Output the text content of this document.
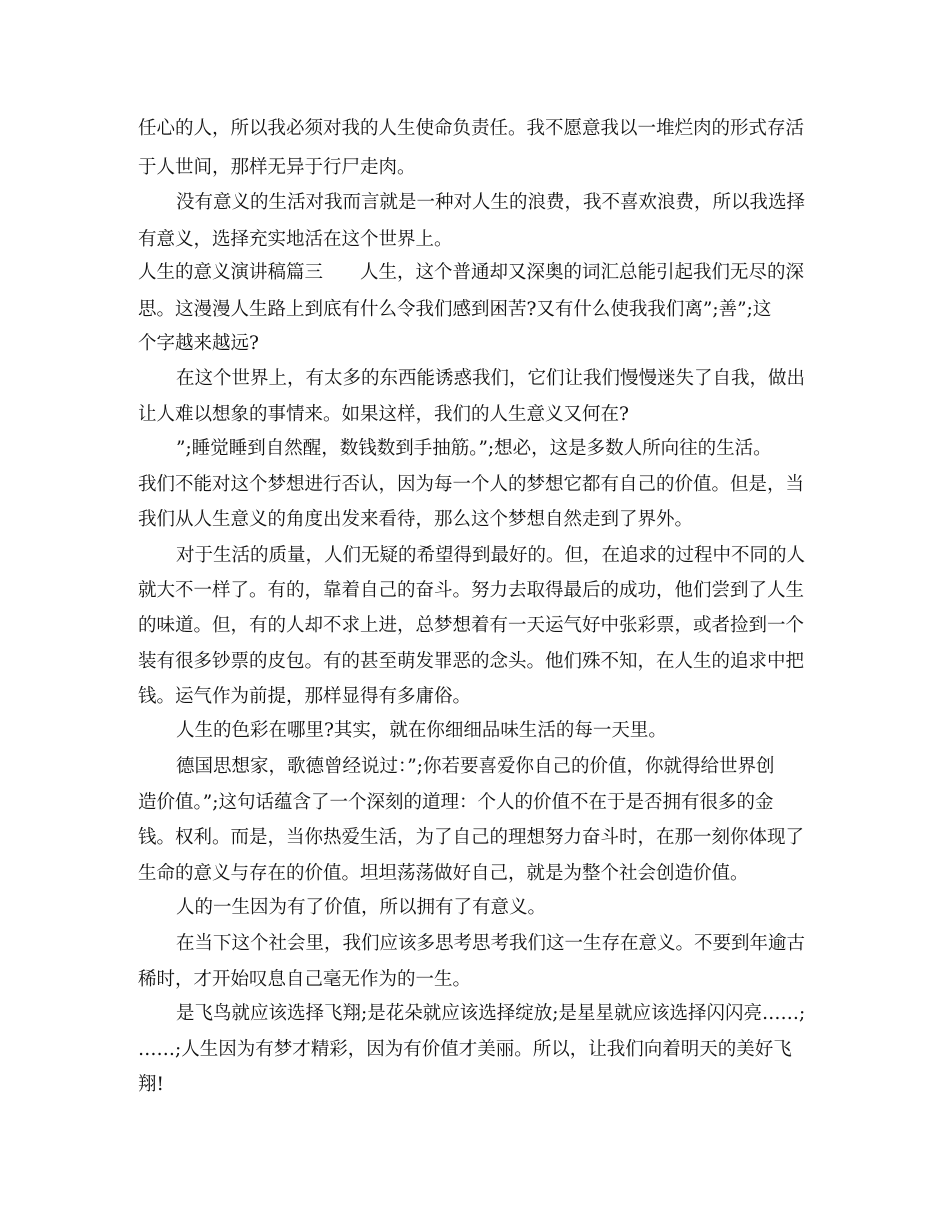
任心的人，所以我必须对我的人生使命负责任。我不愿意我以一堆烂肉的形式存活
于人世间，那样无异于行尸走肉。
没有意义的生活对我而言就是一种对人生的浪费，我不喜欢浪费，所以我选择
有意义，选择充实地活在这个世界上。
人生的意义演讲稿篇三　　人生，这个普通却又深奥的词汇总能引起我们无尽的深
思。这漫漫人生路上到底有什么令我们感到困苦?又有什么使我我们离”;善”;这
个字越来越远?
在这个世界上，有太多的东西能诱惑我们，它们让我们慢慢迷失了自我，做出
让人难以想象的事情来。如果这样，我们的人生意义又何在?
”;睡觉睡到自然醒，数钱数到手抽筋。”;想必，这是多数人所向往的生活。
我们不能对这个梦想进行否认，因为每一个人的梦想它都有自己的价值。但是，当
我们从人生意义的角度出发来看待，那么这个梦想自然走到了界外。
对于生活的质量，人们无疑的希望得到最好的。但，在追求的过程中不同的人
就大不一样了。有的，靠着自己的奋斗。努力去取得最后的成功，他们尝到了人生
的味道。但，有的人却不求上进，总梦想着有一天运气好中张彩票，或者捡到一个
装有很多钞票的皮包。有的甚至萌发罪恶的念头。他们殊不知，在人生的追求中把
钱。运气作为前提，那样显得有多庸俗。
人生的色彩在哪里?其实，就在你细细品味生活的每一天里。
德国思想家，歌德曾经说过：”;你若要喜爱你自己的价值，你就得给世界创
造价值。”;这句话蕴含了一个深刻的道理：个人的价值不在于是否拥有很多的金
钱。权利。而是，当你热爱生活，为了自己的理想努力奋斗时，在那一刻你体现了
生命的意义与存在的价值。坦坦荡荡做好自己，就是为整个社会创造价值。
人的一生因为有了价值，所以拥有了有意义。
在当下这个社会里，我们应该多思考思考我们这一生存在意义。不要到年逾古
稀时，才开始叹息自己毫无作为的一生。
是飞鸟就应该选择飞翔;是花朵就应该选择绽放;是星星就应该选择闪闪亮……;
……;人生因为有梦才精彩，因为有价值才美丽。所以，让我们向着明天的美好飞
翔!
